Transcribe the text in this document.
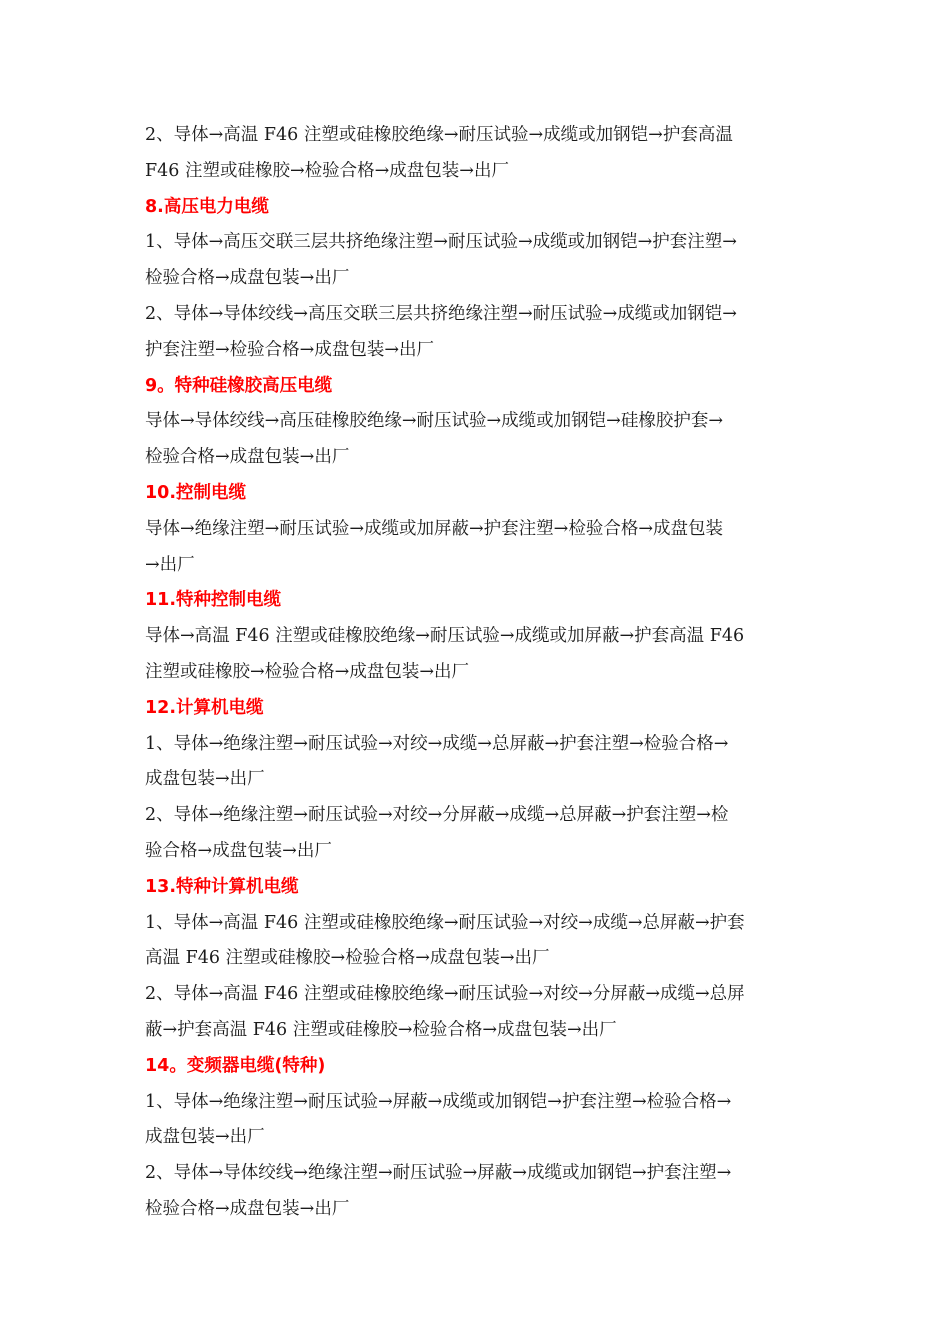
2、导体→高温 F46 注塑或硅橡胶绝缘→耐压试验→成缆或加钢铠→护套高温
F46 注塑或硅橡胶→检验合格→成盘包装→出厂
8.高压电力电缆
1、导体→高压交联三层共挤绝缘注塑→耐压试验→成缆或加钢铠→护套注塑→
检验合格→成盘包装→出厂
2、导体→导体绞线→高压交联三层共挤绝缘注塑→耐压试验→成缆或加钢铠→
护套注塑→检验合格→成盘包装→出厂
9。特种硅橡胶高压电缆
导体→导体绞线→高压硅橡胶绝缘→耐压试验→成缆或加钢铠→硅橡胶护套→
检验合格→成盘包装→出厂
10.控制电缆
导体→绝缘注塑→耐压试验→成缆或加屏蔽→护套注塑→检验合格→成盘包装
→出厂
11.特种控制电缆
导体→高温 F46 注塑或硅橡胶绝缘→耐压试验→成缆或加屏蔽→护套高温 F46
注塑或硅橡胶→检验合格→成盘包装→出厂
12.计算机电缆
1、导体→绝缘注塑→耐压试验→对绞→成缆→总屏蔽→护套注塑→检验合格→
成盘包装→出厂
2、导体→绝缘注塑→耐压试验→对绞→分屏蔽→成缆→总屏蔽→护套注塑→检
验合格→成盘包装→出厂
13.特种计算机电缆
1、导体→高温 F46 注塑或硅橡胶绝缘→耐压试验→对绞→成缆→总屏蔽→护套
高温 F46 注塑或硅橡胶→检验合格→成盘包装→出厂
2、导体→高温 F46 注塑或硅橡胶绝缘→耐压试验→对绞→分屏蔽→成缆→总屏
蔽→护套高温 F46 注塑或硅橡胶→检验合格→成盘包装→出厂
14。变频器电缆(特种)
1、导体→绝缘注塑→耐压试验→屏蔽→成缆或加钢铠→护套注塑→检验合格→
成盘包装→出厂
2、导体→导体绞线→绝缘注塑→耐压试验→屏蔽→成缆或加钢铠→护套注塑→
检验合格→成盘包装→出厂
